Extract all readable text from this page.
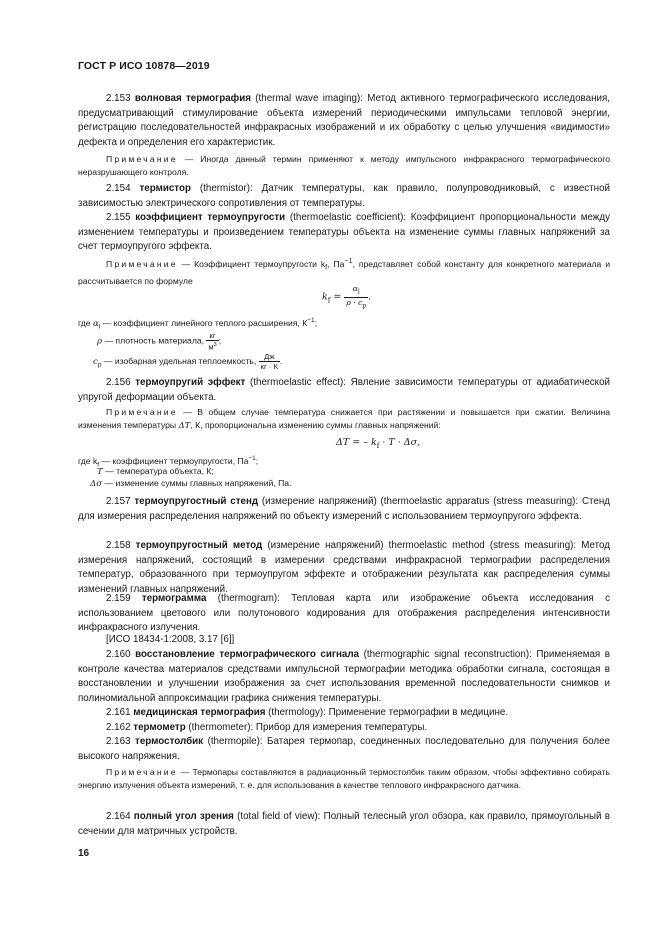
ГОСТ Р ИСО 10878—2019
2.153 волновая термография (thermal wave imaging): Метод активного термографического исследования, предусматривающий стимулирование объекта измерений периодическими импульсами тепловой энергии, регистрацию последовательностей инфракрасных изображений и их обработку с целью улучшения «видимости» дефекта и определения его характеристик.
Примечание — Иногда данный термин применяют к методу импульсного инфракрасного термографического неразрушающего контроля.
2.154 термистор (thermistor): Датчик температуры, как правило, полупроводниковый, с известной зависимостью электрического сопротивления от температуры.
2.155 коэффициент термоупругости (thermoelastic coefficient): Коэффициент пропорциональности между изменением температуры и произведением температуры объекта на изменение суммы главных напряжений за счет термоупругого эффекта.
Примечание — Коэффициент термоупругости $k_f$, $Па^{-1}$, представляет собой константу для конкретного материала и рассчитывается по формуле
$k_f = \frac{\alpha_l}{\rho \cdot c_p}$ .
где $\alpha_l$ — коэффициент линейного теплого расширения, $К^{-1}$;
ρ — плотность материала, $\frac{кг}{м^3}$ ;
$c_p$ — изобарная удельная теплоемкость, $\frac{Дж}{кг \cdot К}$ .
2.156 термоупругий эффект (thermoelastic effect): Явление зависимости температуры от адиабатической упругой деформации объекта.
Примечание — В общем случае температура снижается при растяжении и повышается при сжатии. Величина изменения температуры ΔT, К, пропорциональна изменению суммы главных напряжений:
ΔT = – $k_f \cdot T \cdot \Delta\sigma$,
где $k_f$ — коэффициент термоупругости, $Па^{-1}$;
T — температура объекта, К;
Δσ — изменение суммы главных напряжений, Па.
2.157 термоупругостный стенд (измерение напряжений) (thermoelastic apparatus (stress measuring): Стенд для измерения распределения напряжений по объекту измерений с использованием термоупругого эффекта.
2.158 термоупругостный метод (измерение напряжений) thermoelastic method (stress measuring): Метод измерения напряжений, состоящий в измерении средствами инфракрасной термографии распределения температур, образованного при термоупругом эффекте и отображении результата как распределения суммы изменений главных напряжений.
2.159 термограмма (thermogram): Тепловая карта или изображение объекта исследования с использованием цветового или полутонового кодирования для отображения распределения интенсивности инфракрасного излучения.
[ИСО 18434-1:2008, 3.17 [6]]
2.160 восстановление термографического сигнала (thermographic signal reconstruction): Применяемая в контроле качества материалов средствами импульсной термографии методика обработки сигнала, состоящая в восстановлении и улучшении изображения за счет использования временной последовательности снимков и полиномиальной аппроксимации графика снижения температуры.
2.161 медицинская термография (thermology): Применение термографии в медицине.
2.162 термометр (thermometer): Прибор для измерения температуры.
2.163 термостолбик (thermopile): Батарея термопар, соединенных последовательно для получения более высокого напряжения.
Примечание — Термопары составляются в радиационный термостолбик таким образом, чтобы эффективно собирать энергию излучения объекта измерений, т. е. для использования в качестве теплового инфракрасного датчика.
2.164 полный угол зрения (total field of view): Полный телесный угол обзора, как правило, прямоугольный в сечении для матричных устройств.
16
